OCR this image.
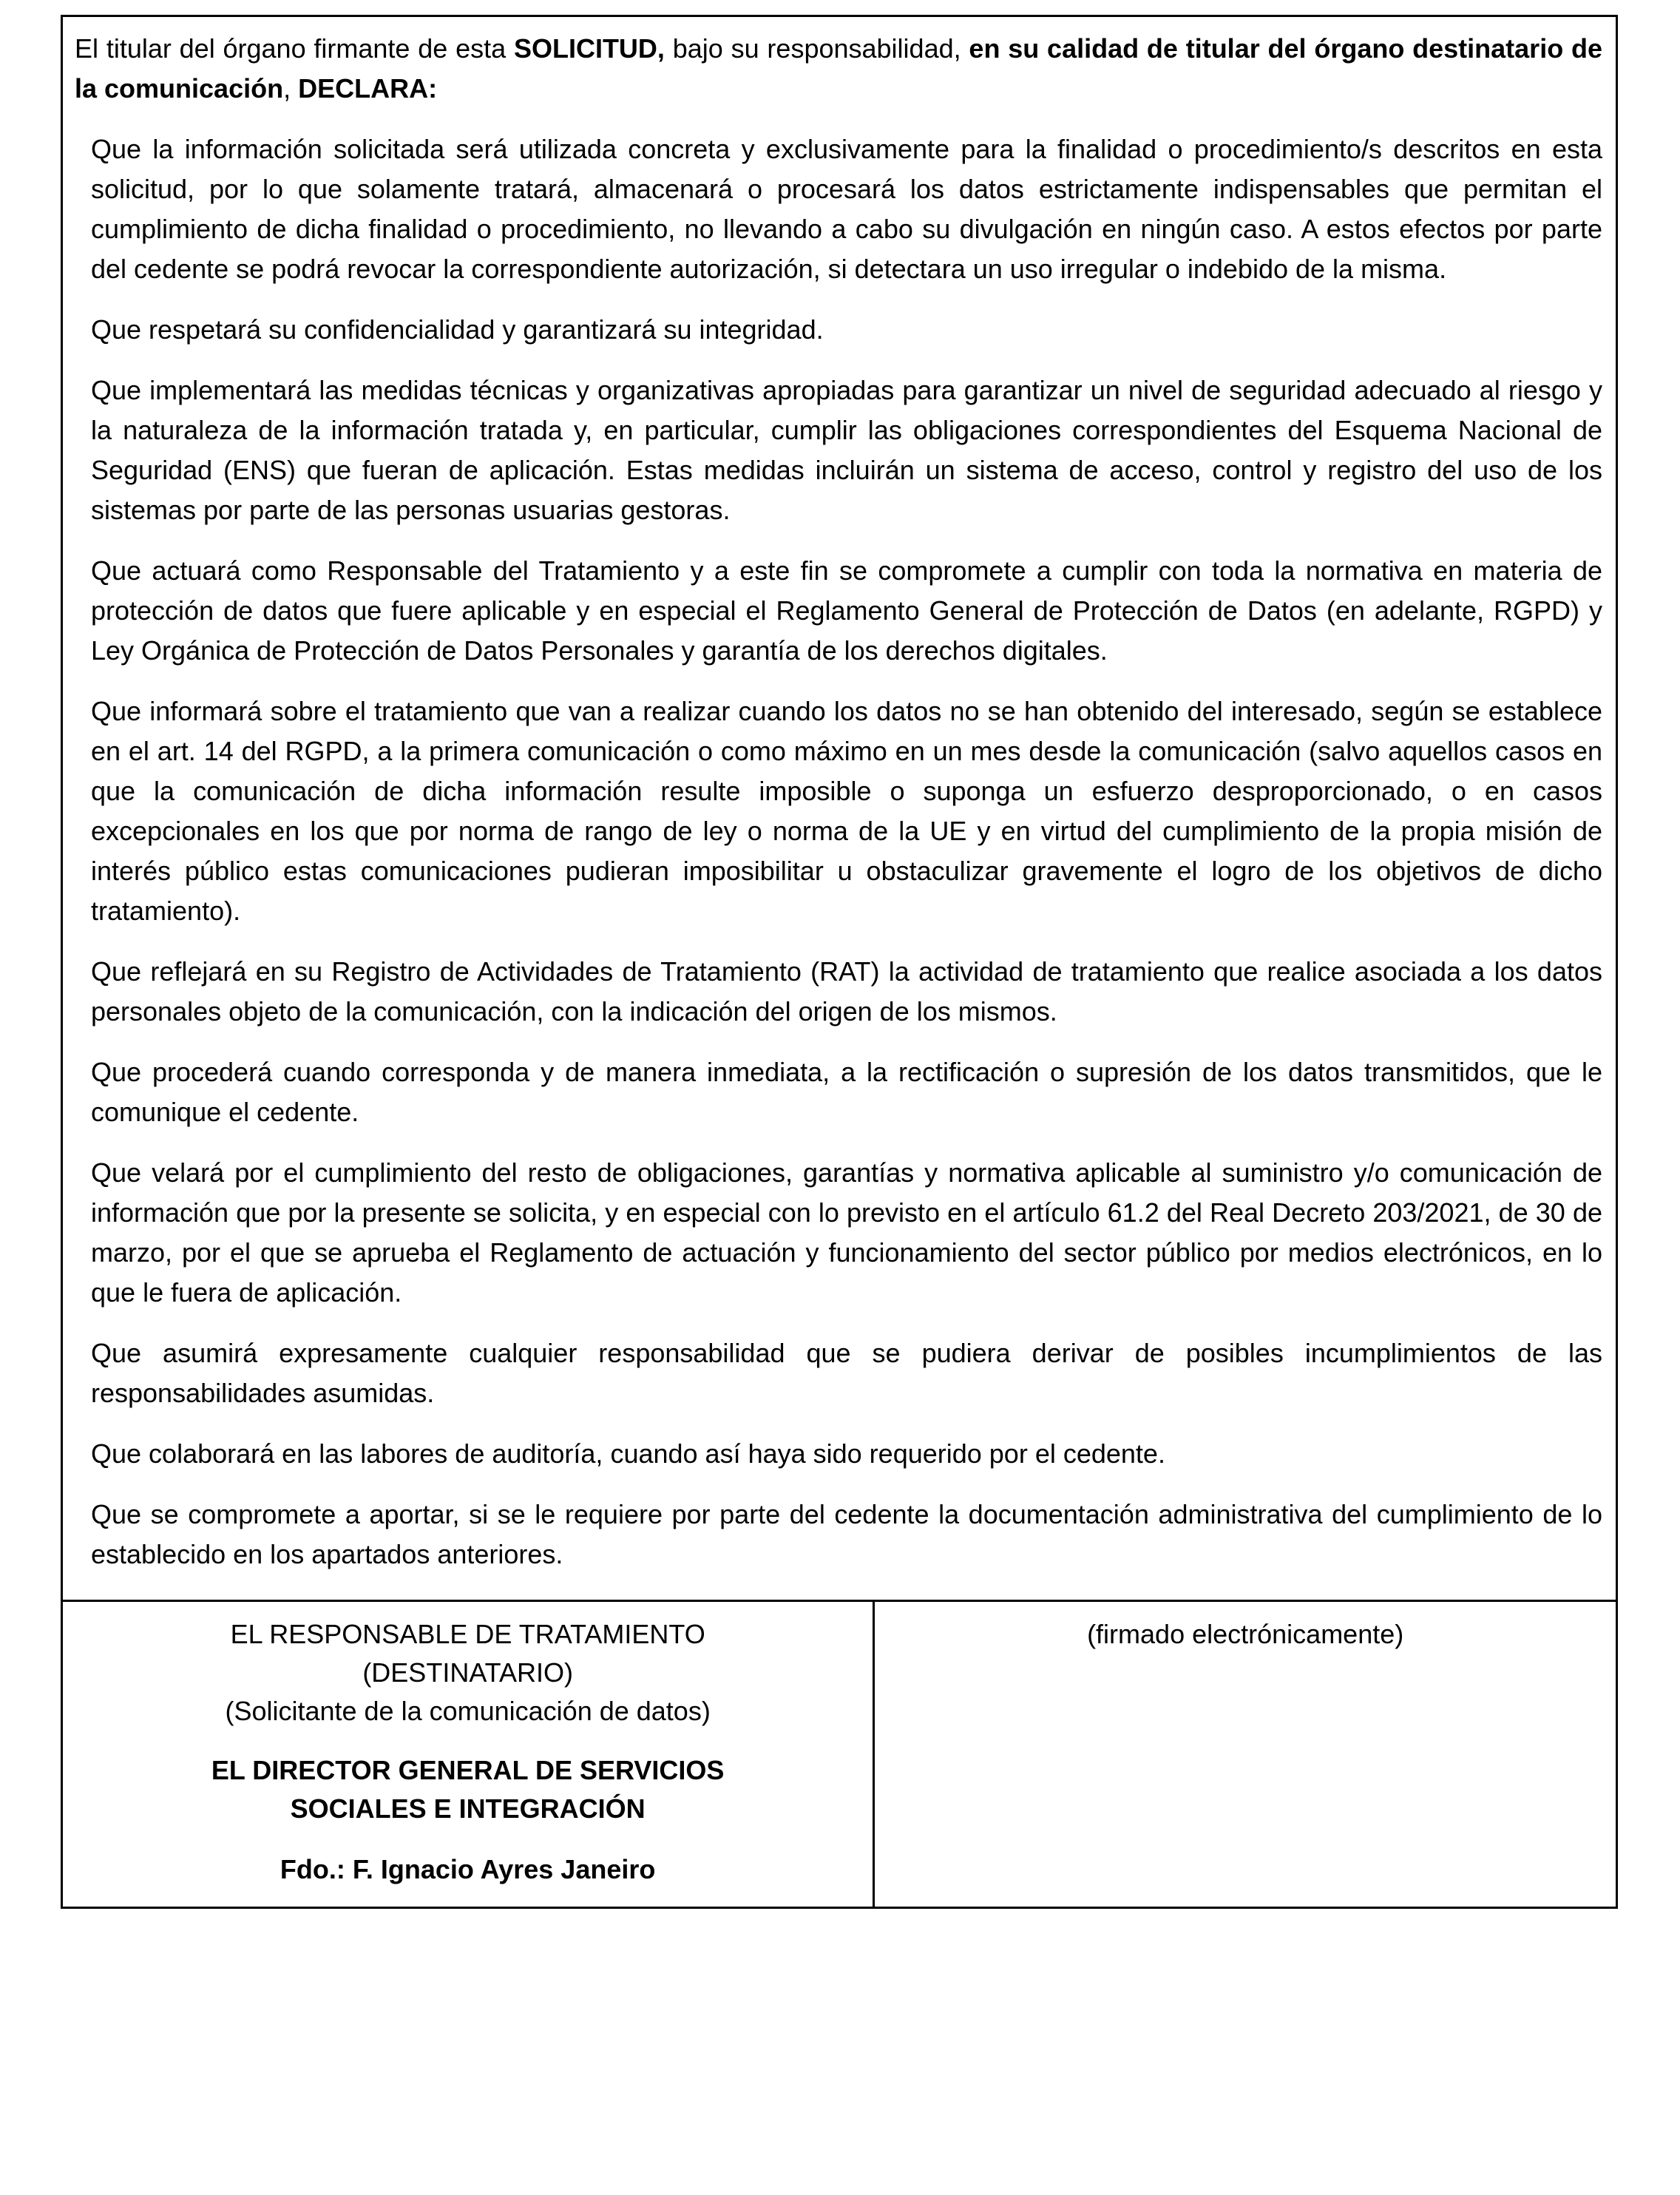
El titular del órgano firmante de esta SOLICITUD, bajo su responsabilidad, en su calidad de titular del órgano destinatario de la comunicación, DECLARA:

Que la información solicitada será utilizada concreta y exclusivamente para la finalidad o procedimiento/s descritos en esta solicitud, por lo que solamente tratará, almacenará o procesará los datos estrictamente indispensables que permitan el cumplimiento de dicha finalidad o procedimiento, no llevando a cabo su divulgación en ningún caso. A estos efectos por parte del cedente se podrá revocar la correspondiente autorización, si detectara un uso irregular o indebido de la misma.

Que respetará su confidencialidad y garantizará su integridad.

Que implementará las medidas técnicas y organizativas apropiadas para garantizar un nivel de seguridad adecuado al riesgo y la naturaleza de la información tratada y, en particular, cumplir las obligaciones correspondientes del Esquema Nacional de Seguridad (ENS) que fueran de aplicación. Estas medidas incluirán un sistema de acceso, control y registro del uso de los sistemas por parte de las personas usuarias gestoras.

Que actuará como Responsable del Tratamiento y a este fin se compromete a cumplir con toda la normativa en materia de protección de datos que fuere aplicable y en especial el Reglamento General de Protección de Datos (en adelante, RGPD) y Ley Orgánica de Protección de Datos Personales y garantía de los derechos digitales.

Que informará sobre el tratamiento que van a realizar cuando los datos no se han obtenido del interesado, según se establece en el art. 14 del RGPD, a la primera comunicación o como máximo en un mes desde la comunicación (salvo aquellos casos en que la comunicación de dicha información resulte imposible o suponga un esfuerzo desproporcionado, o en casos excepcionales en los que por norma de rango de ley o norma de la UE y en virtud del cumplimiento de la propia misión de interés público estas comunicaciones pudieran imposibilitar u obstaculizar gravemente el logro de los objetivos de dicho tratamiento).

Que reflejará en su Registro de Actividades de Tratamiento (RAT) la actividad de tratamiento que realice asociada a los datos personales objeto de la comunicación, con la indicación del origen de los mismos.

Que procederá cuando corresponda y de manera inmediata, a la rectificación o supresión de los datos transmitidos, que le comunique el cedente.

Que velará por el cumplimiento del resto de obligaciones, garantías y normativa aplicable al suministro y/o comunicación de información que por la presente se solicita, y en especial con lo previsto en el artículo 61.2 del Real Decreto 203/2021, de 30 de marzo, por el que se aprueba el Reglamento de actuación y funcionamiento del sector público por medios electrónicos, en lo que le fuera de aplicación.

Que asumirá expresamente cualquier responsabilidad que se pudiera derivar de posibles incumplimientos de las responsabilidades asumidas.

Que colaborará en las labores de auditoría, cuando así haya sido requerido por el cedente.

Que se compromete a aportar, si se le requiere por parte del cedente la documentación administrativa del cumplimiento de lo establecido en los apartados anteriores.

EL RESPONSABLE DE TRATAMIENTO
(DESTINATARIO)
(Solicitante de la comunicación de datos)
EL DIRECTOR GENERAL DE SERVICIOS SOCIALES E INTEGRACIÓN
Fdo.: F. Ignacio Ayres Janeiro
(firmado electrónicamente)
